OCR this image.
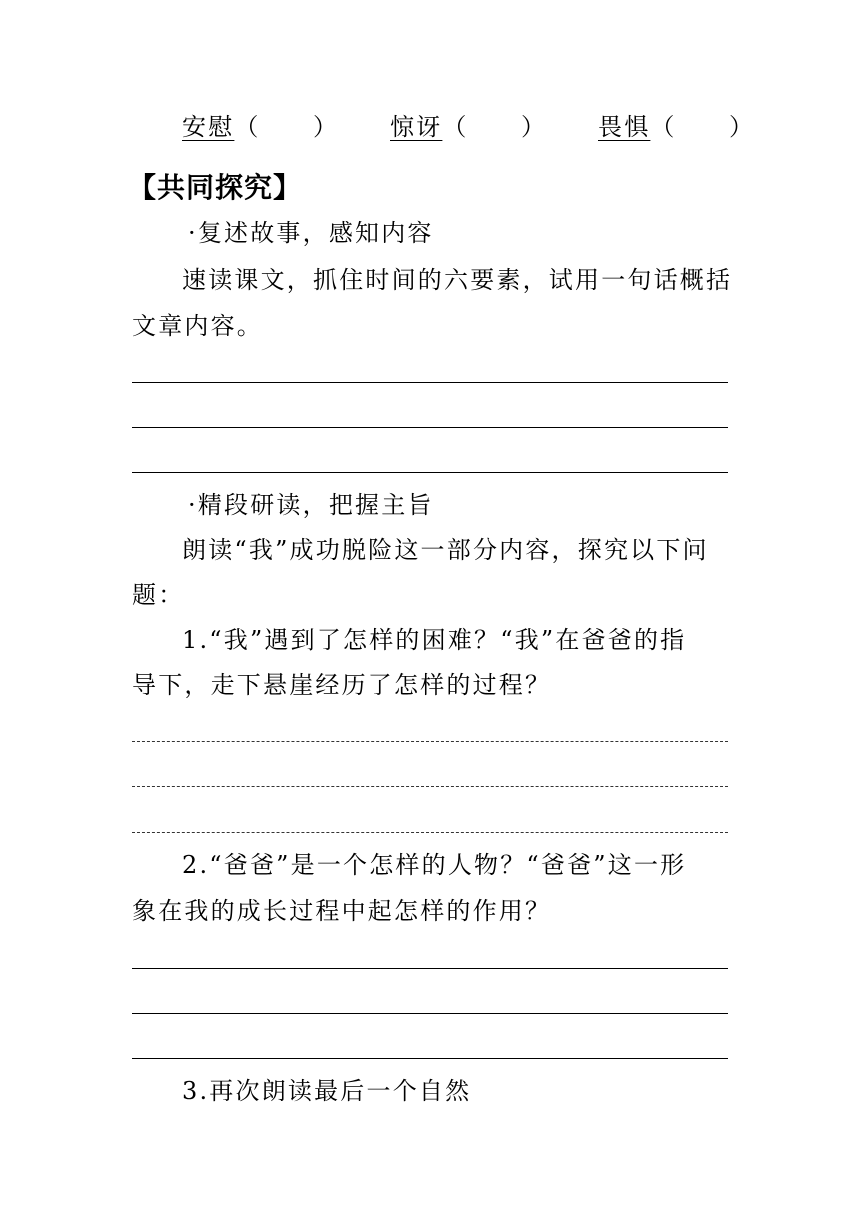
安慰（　　） 惊讶（　　） 畏惧（　　）
【共同探究】
·复述故事，感知内容
速读课文，抓住时间的六要素，试用一句话概括
文章内容。
·精段研读，把握主旨
朗读“我”成功脱险这一部分内容，探究以下问
题：
1.“我”遇到了怎样的困难？“我”在爸爸的指
导下，走下悬崖经历了怎样的过程？
2.“爸爸”是一个怎样的人物？“爸爸”这一形
象在我的成长过程中起怎样的作用？
3.再次朗读最后一个自然
